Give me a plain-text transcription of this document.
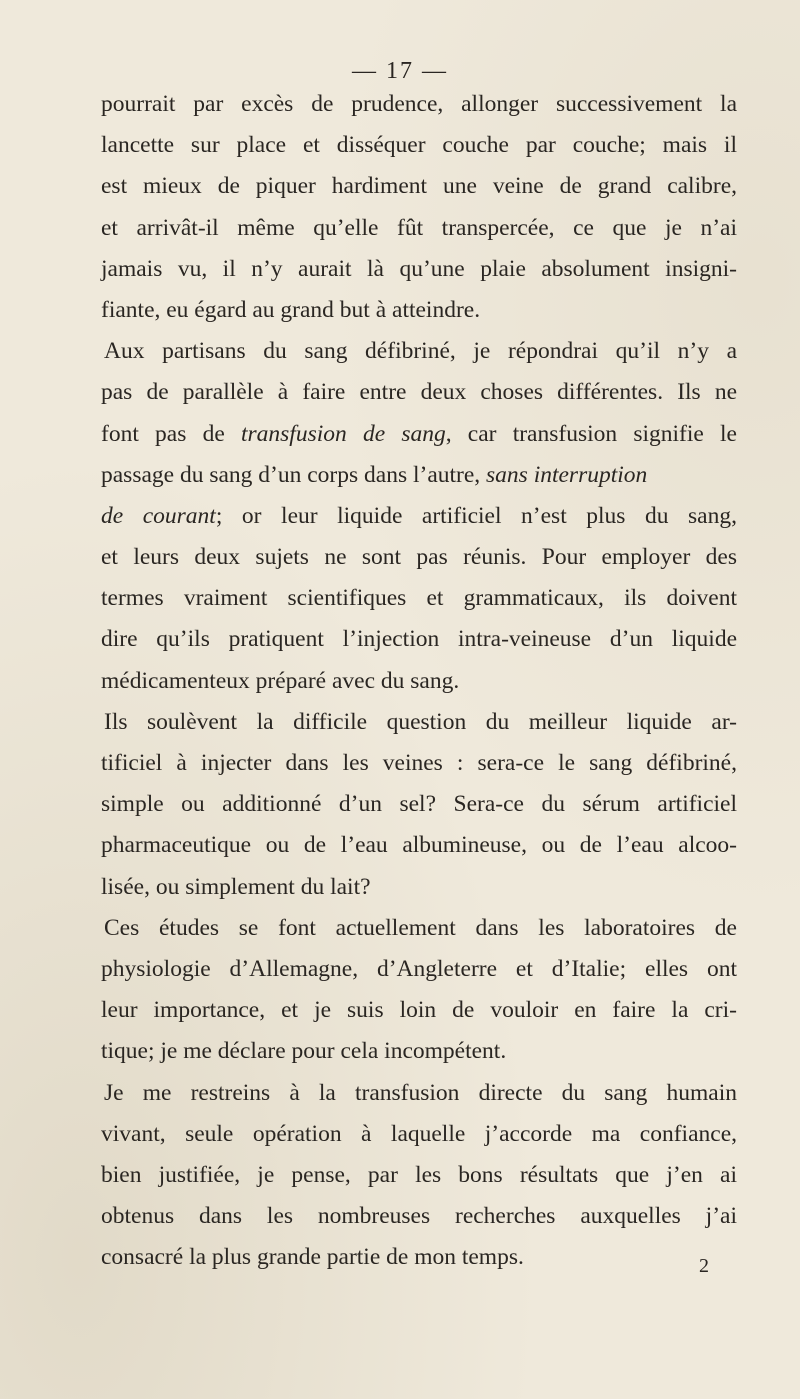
— 17 —
pourrait par excès de prudence, allonger successivement la
lancette sur place et disséquer couche par couche; mais il
est mieux de piquer hardiment une veine de grand calibre,
et arrivât-il même qu’elle fût transpercée, ce que je n’ai
jamais vu, il n’y aurait là qu’une plaie absolument insigni-
fiante, eu égard au grand but à atteindre.
Aux partisans du sang défibriné, je répondrai qu’il n’y a
pas de parallèle à faire entre deux choses différentes. Ils ne
font pas de transfusion de sang, car transfusion signifie le
passage du sang d’un corps dans l’autre, sans interruption
de courant; or leur liquide artificiel n’est plus du sang,
et leurs deux sujets ne sont pas réunis. Pour employer des
termes vraiment scientifiques et grammaticaux, ils doivent
dire qu’ils pratiquent l’injection intra-veineuse d’un liquide
médicamenteux préparé avec du sang.
Ils soulèvent la difficile question du meilleur liquide ar-
tificiel à injecter dans les veines : sera-ce le sang défibriné,
simple ou additionné d’un sel? Sera-ce du sérum artificiel
pharmaceutique ou de l’eau albumineuse, ou de l’eau alcoo-
lisée, ou simplement du lait?
Ces études se font actuellement dans les laboratoires de
physiologie d’Allemagne, d’Angleterre et d’Italie; elles ont
leur importance, et je suis loin de vouloir en faire la cri-
tique; je me déclare pour cela incompétent.
Je me restreins à la transfusion directe du sang humain
vivant, seule opération à laquelle j’accorde ma confiance,
bien justifiée, je pense, par les bons résultats que j’en ai
obtenus dans les nombreuses recherches auxquelles j’ai
consacré la plus grande partie de mon temps.	2
